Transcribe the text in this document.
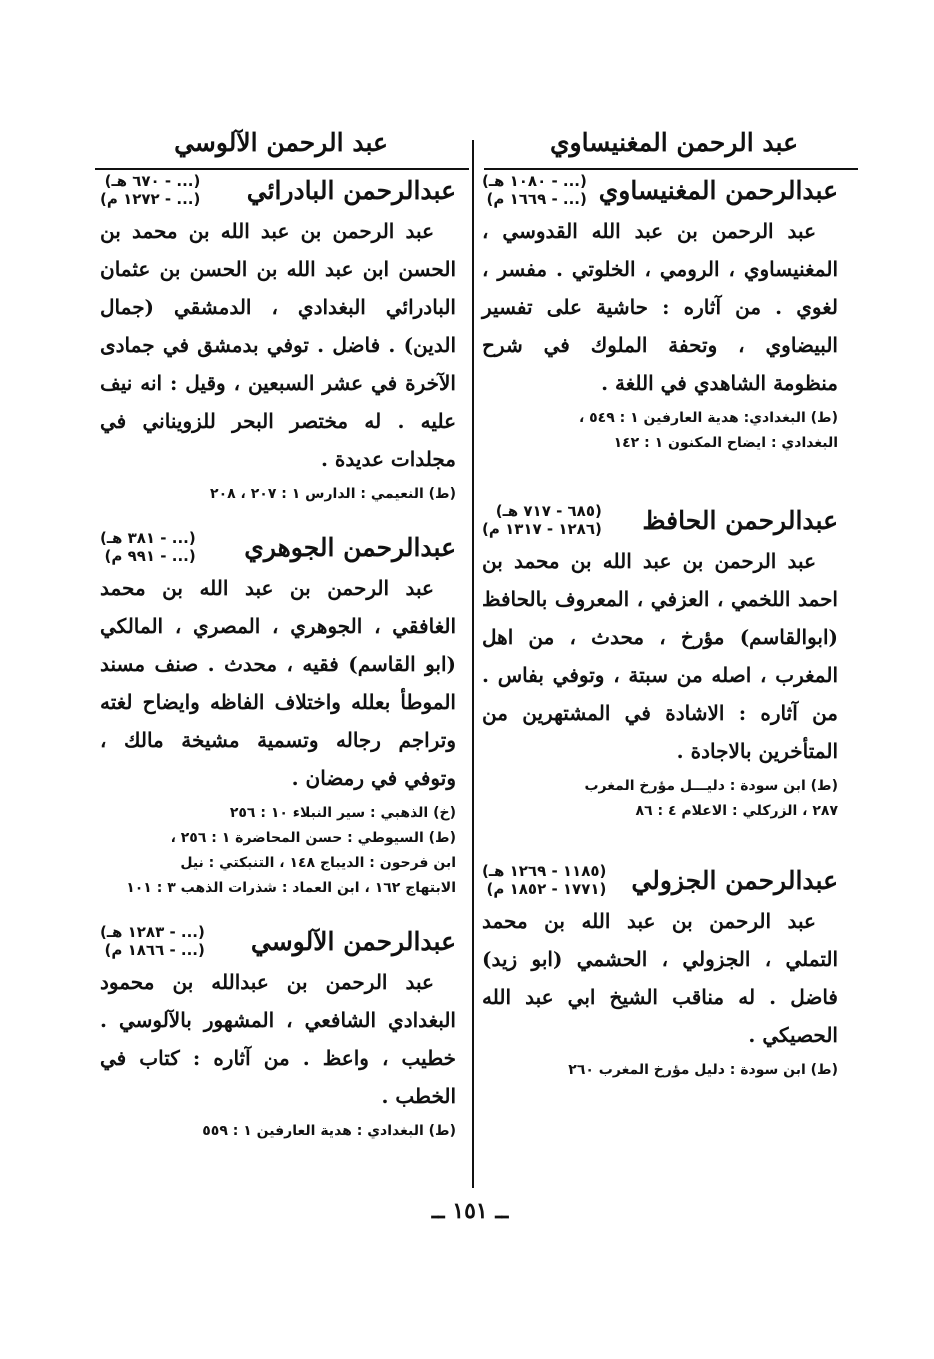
عبد الرحمن المغنيساوي
عبد الرحمن الآلوسي
عبدالرحمن المغنيساوي
(... - ١٠٨٠ هـ)
(... - ١٦٦٩ م)
عبد الرحمن بن عبد الله القدوسي ، المغنيساوي ، الرومي ، الخلوتي . مفسر ، لغوي . من آثاره : حاشية على تفسير البيضاوي ، وتحفة الملوك في شرح منظومة الشاهدي في اللغة .
(ط) البغدادي: هدية العارفين ١ : ٥٤٩ ،
البغدادي : ايضاح المكنون ١ : ١٤٢
عبدالرحمن الحافظ
(٦٨٥ - ٧١٧ هـ)
(١٢٨٦ - ١٣١٧ م)
عبد الرحمن بن عبد الله بن محمد بن احمد اللخمي ، العزفي ، المعروف بالحافظ (ابوالقاسم) مؤرخ ، محدث ، من اهل المغرب ، اصله من سبتة ، وتوفي بفاس . من آثاره : الاشادة في المشتهرين من المتأخرين بالاجادة .
(ط) ابن سودة : دليـــل مؤرخ المغرب
٢٨٧ ، الزركلي : الاعلام ٤ : ٨٦
عبدالرحمن الجزولي
(١١٨٥ - ١٢٦٩ هـ)
(١٧٧١ - ١٨٥٢ م)
عبد الرحمن بن عبد الله بن محمد التملي ، الجزولي ، الحشمي (ابو زيد) فاضل . له مناقب الشيخ ابي عبد الله الحصيكي .
(ط) ابن سودة : دليل مؤرخ المغرب ٢٦٠
عبدالرحمن البادرائي
(... - ٦٧٠ هـ)
(... - ١٢٧٢ م)
عبد الرحمن بن عبد الله بن محمد بن الحسن ابن عبد الله بن الحسن بن عثمان البادرائي البغدادي ، الدمشقي (جمال الدين) . فاضل . توفي بدمشق في جمادى الآخرة في عشر السبعين ، وقيل : انه نيف عليه . له مختصر البحر للزويناني في مجلدات عديدة .
(ط) النعيمي : الدارس ١ : ٢٠٧ ، ٢٠٨
عبدالرحمن الجوهري
(... - ٣٨١ هـ)
(... - ٩٩١ م)
عبد الرحمن بن عبد الله بن محمد الغافقي ، الجوهري ، المصري ، المالكي (ابو القاسم) فقيه ، محدث . صنف مسند الموطأ بعلله واختلاف الفاظه وايضاح لغته وتراجم رجاله وتسمية مشيخة مالك ، وتوفي في رمضان .
(خ) الذهبي : سير النبلاء ١٠ : ٢٥٦
(ط) السيوطي : حسن المحاضرة ١ : ٢٥٦ ،
ابن فرحون : الديباج ١٤٨ ، التنبكتي : نيل
الابتهاج ١٦٢ ، ابن العماد : شذرات الذهب ٣ : ١٠١
عبدالرحمن الآلوسي
(... - ١٢٨٣ هـ)
(... - ١٨٦٦ م)
عبد الرحمن بن عبدالله بن محمود البغدادي الشافعي ، المشهور بالآلوسي . خطيب ، واعظ . من آثاره : كتاب في الخطب .
(ط) البغدادي : هدية العارفين ١ : ٥٥٩
ــ ١٥١ ــ
